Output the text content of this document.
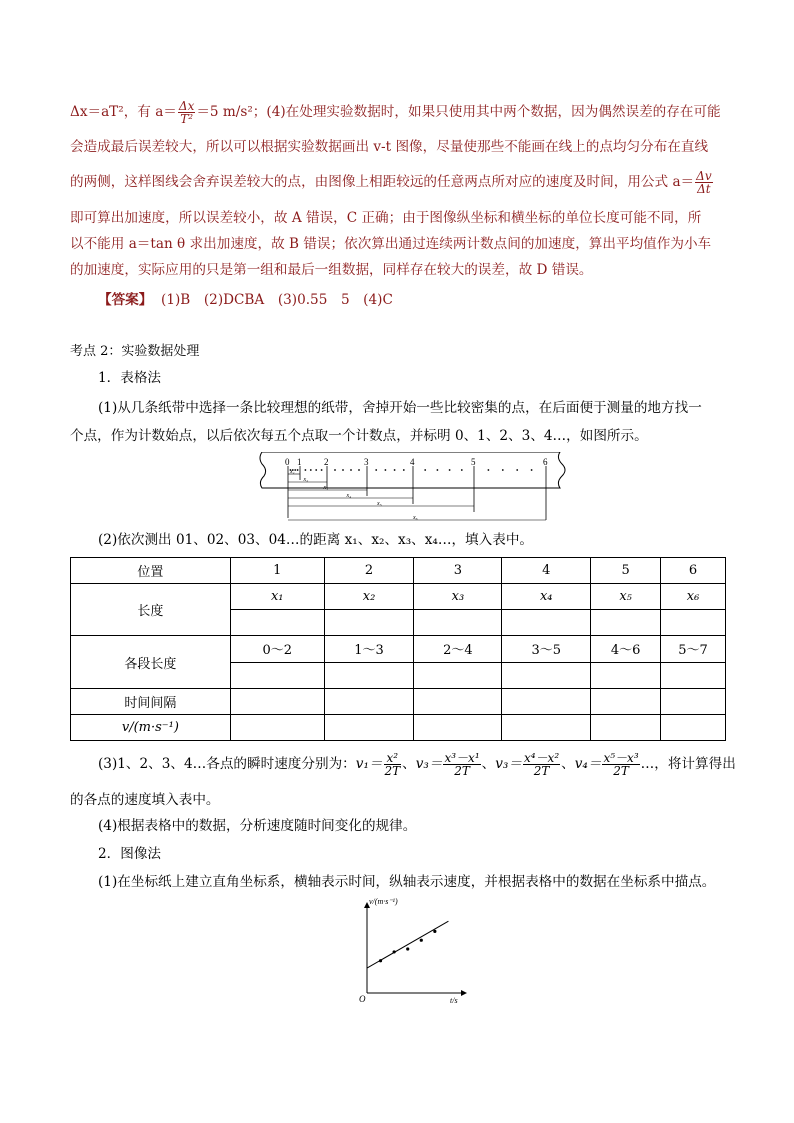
Δx＝aT²，有 $a= \frac{\Delta x}{\text{T²}} =5$ m/s²；(4)在处理实验数据时，如果只使用其中两个数据，因为偶然误差的存在可能
会造成最后误差较大，所以可以根据实验数据画出 v-t 图像，尽量使那些不能画在线上的点均匀分布在直线
的两侧，这样图线会舍弃误差较大的点，由图像上相距较远的任意两点所对应的速度及时间，用公式 $a= \frac{\Delta v}{\Delta t}$
即可算出加速度，所以误差较小，故 A 错误，C 正确；由于图像纵坐标和横坐标的单位长度可能不同，所
以不能用 a＝tan θ 求出加速度，故 B 错误；依次算出通过连续两计数点间的加速度，算出平均值作为小车
的加速度，实际应用的只是第一组和最后一组数据，同样存在较大的误差，故 D 错误。
【答案】 (1)B　(2)DCBA　(3)0.55　5　(4)C
考点 2：实验数据处理
1．表格法
(1)从几条纸带中选择一条比较理想的纸带，舍掉开始一些比较密集的点，在后面便于测量的地方找一
个点，作为计数始点，以后依次每五个点取一个计数点，并标明 0、1、2、3、4…，如图所示。
0 1	2	3	4	5	6
x₁
x₂
x₃
x₄
x₅
x₆
(2)依次测出 01、02、03、04…的距离 x₁、x₂、x₃、x₄…，填入表中。
位置	1	2	3	4	5	6
长度	x₁	x₂	x₃	x₄	x₅	x₆

各段长度	0～2	1～3	2～4	3～5	4～6	5～7

时间间隔						
v/(m·s⁻¹)						
(3)1、2、3、4…各点的瞬时速度分别为：$v_1= \frac{\text{x²}}{2T}$ 、$v_3= \frac{\text{x³－x¹}}{2T}$ 、$v_3= \frac{\text{x⁴－x²}}{2T}$ 、$v_4= \frac{\text{x⁵－x³}}{2T}$ …，将计算得出
的各点的速度填入表中。
(4)根据表格中的数据，分析速度随时间变化的规律。
2．图像法
(1)在坐标纸上建立直角坐标系，横轴表示时间，纵轴表示速度，并根据表格中的数据在坐标系中描点。
v/(m·s⁻¹)
t/s
O
